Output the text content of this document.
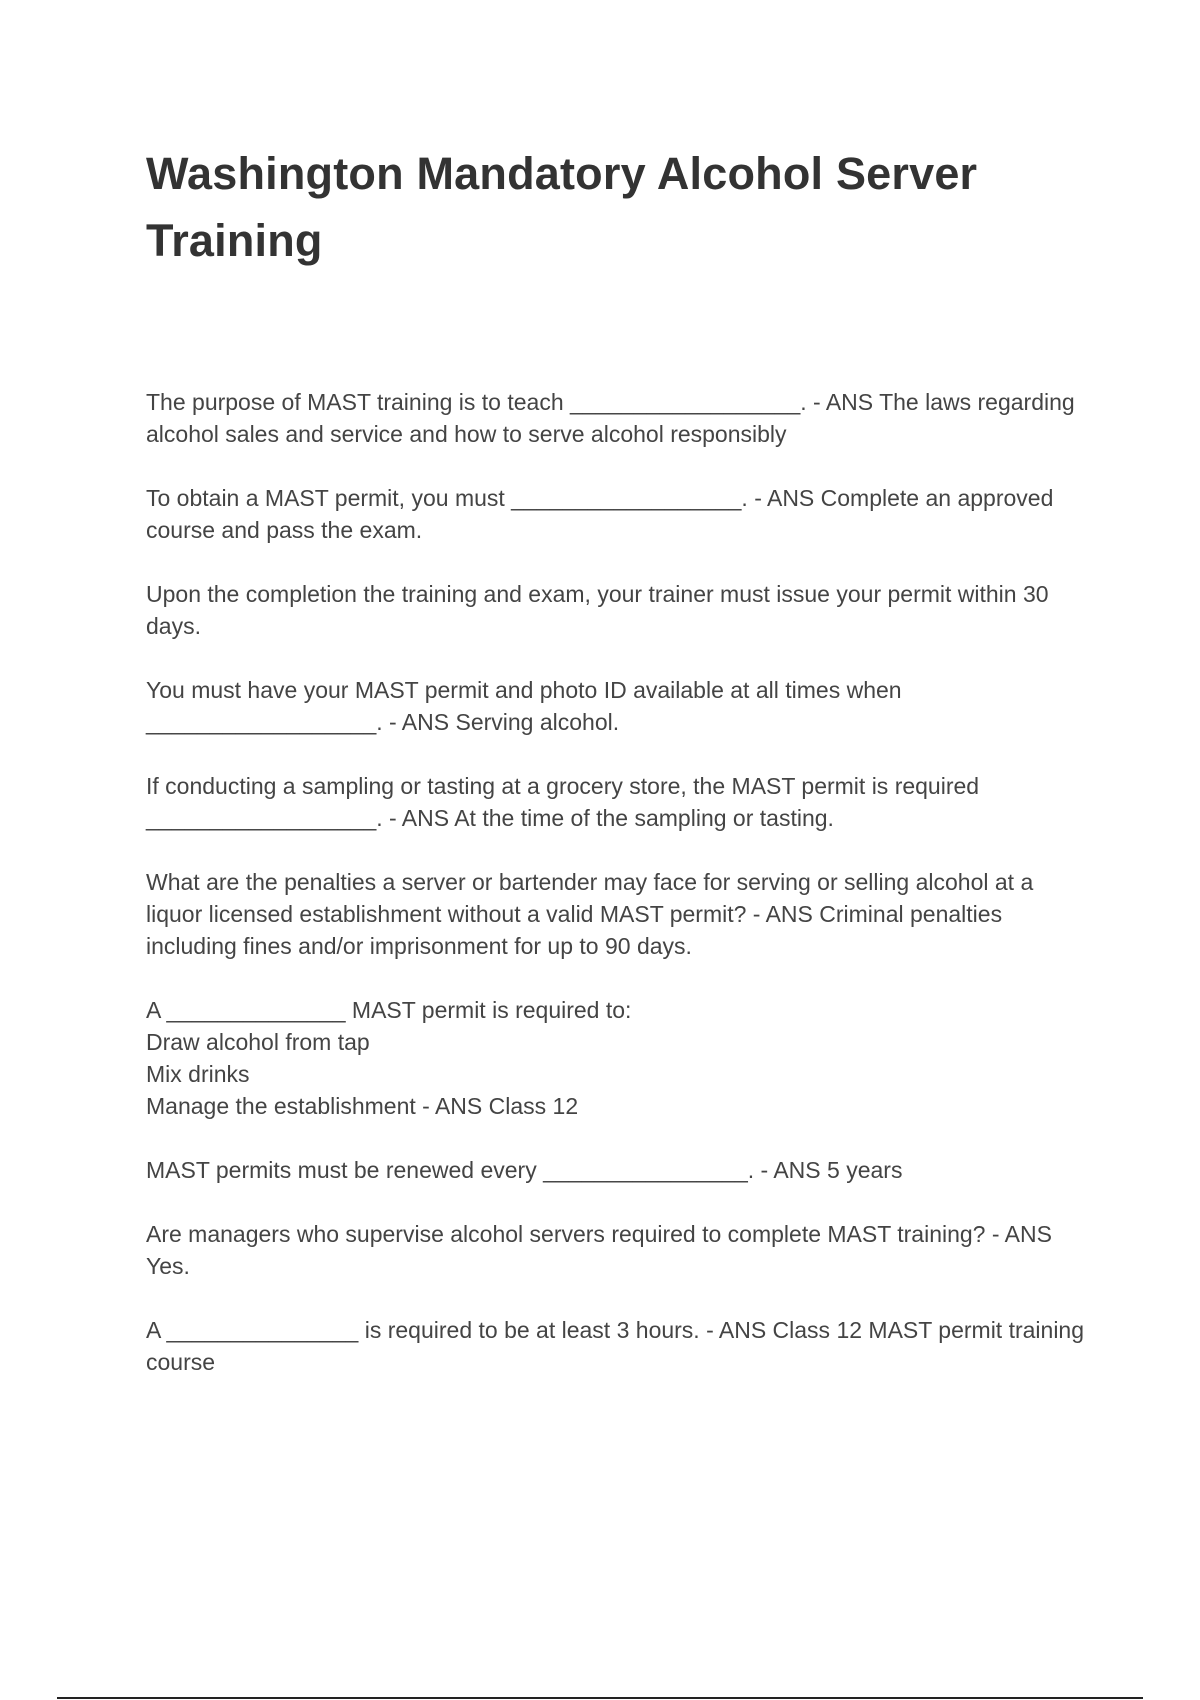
Washington Mandatory Alcohol Server Training

The purpose of MAST training is to teach __________________. - ANS The laws regarding alcohol sales and service and how to serve alcohol responsibly

To obtain a MAST permit, you must __________________. - ANS Complete an approved course and pass the exam.

Upon the completion the training and exam, your trainer must issue your permit within 30 days.

You must have your MAST permit and photo ID available at all times when __________________. - ANS Serving alcohol.

If conducting a sampling or tasting at a grocery store, the MAST permit is required __________________. - ANS At the time of the sampling or tasting.

What are the penalties a server or bartender may face for serving or selling alcohol at a liquor licensed establishment without a valid MAST permit? - ANS Criminal penalties including fines and/or imprisonment for up to 90 days.

A ______________ MAST permit is required to:
Draw alcohol from tap
Mix drinks
Manage the establishment - ANS Class 12

MAST permits must be renewed every ________________. - ANS 5 years

Are managers who supervise alcohol servers required to complete MAST training? - ANS Yes.

A _______________ is required to be at least 3 hours. - ANS Class 12 MAST permit training course
